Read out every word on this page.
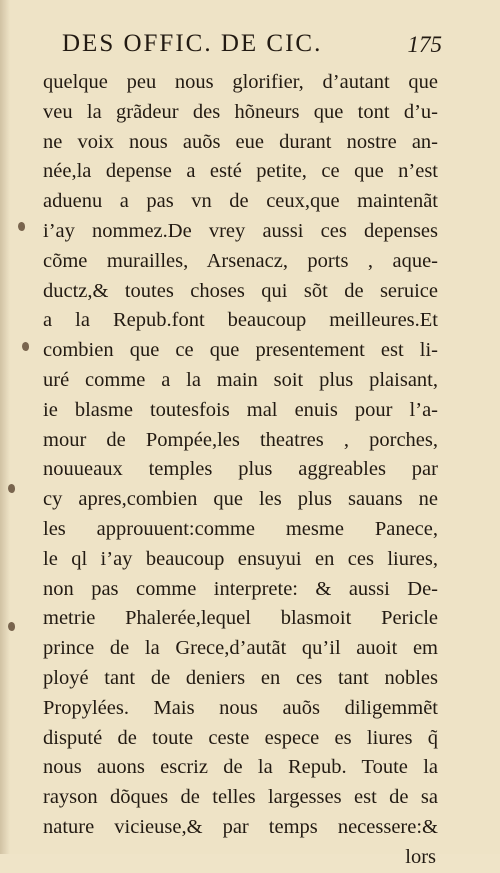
DES OFFIC. DE CIC.	175
quelque peu nous glorifier, d’autant que
veu la grãdeur des hõneurs que tont d’u-
ne voix nous auõs eue durant nostre an-
née,la depense a esté petite, ce que n’est
aduenu a pas vn de ceux,que maintenãt
i’ay nommez.De vrey aussi ces depenses
cõme murailles, Arsenacz, ports , aque-
ductz,& toutes choses qui sõt de seruice
a la Repub.font beaucoup meilleures.Et
combien que ce que presentement est li-
uré comme a la main soit plus plaisant,
ie blasme toutesfois mal enuis pour l’a-
mour de Pompée,les theatres , porches,
nouueaux temples plus aggreables par
cy apres,combien que les plus sauans ne
les approuuent:comme mesme Panece,
le ql i’ay beaucoup ensuyui en ces liures,
non pas comme interprete: & aussi De-
metrie Phalerée,lequel blasmoit Pericle
prince de la Grece,d’autãt qu’il auoit em
ployé tant de deniers en ces tant nobles
Propylées. Mais nous auõs diligemmẽt
disputé de toute ceste espece es liures q̃
nous auons escriz de la Repub. Toute la
rayson dõques de telles largesses est de sa
nature vicieuse,& par temps necessere:&
lors
